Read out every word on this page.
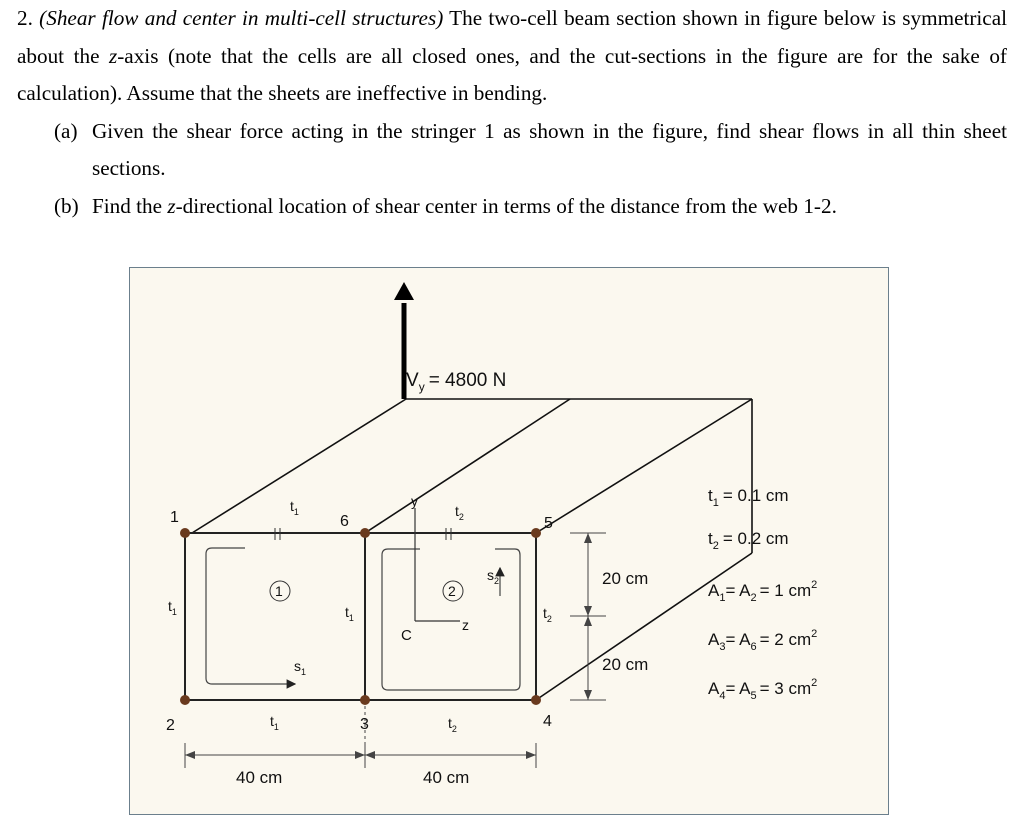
2. (Shear flow and center in multi-cell structures) The two-cell beam section shown in figure below is symmetrical about the z-axis (note that the cells are all closed ones, and the cut-sections in the figure are for the sake of calculation). Assume that the sheets are ineffective in bending.

(a) Given the shear force acting in the stringer 1 as shown in the figure, find shear flows in all thin sheet sections.

(b) Find the z-directional location of shear center in terms of the distance from the web 1-2.

$V_y = 4800$ N
1
2	3	4
5
6
1	2
$t_1$
$t_1$	$t_1$
$t_1$
$t_2$
$t_2$
$t_2$
$s_1$
$s_2$
y
z
C
20 cm
20 cm
40 cm	40 cm
$t_1 = 0.1$ cm
$t_2 = 0.2$ cm
$A_1= A_2 = 1$ $cm^2$
$A_3= A_6 = 2$ $cm^2$
$A_4= A_5 = 3$ $cm^2$
